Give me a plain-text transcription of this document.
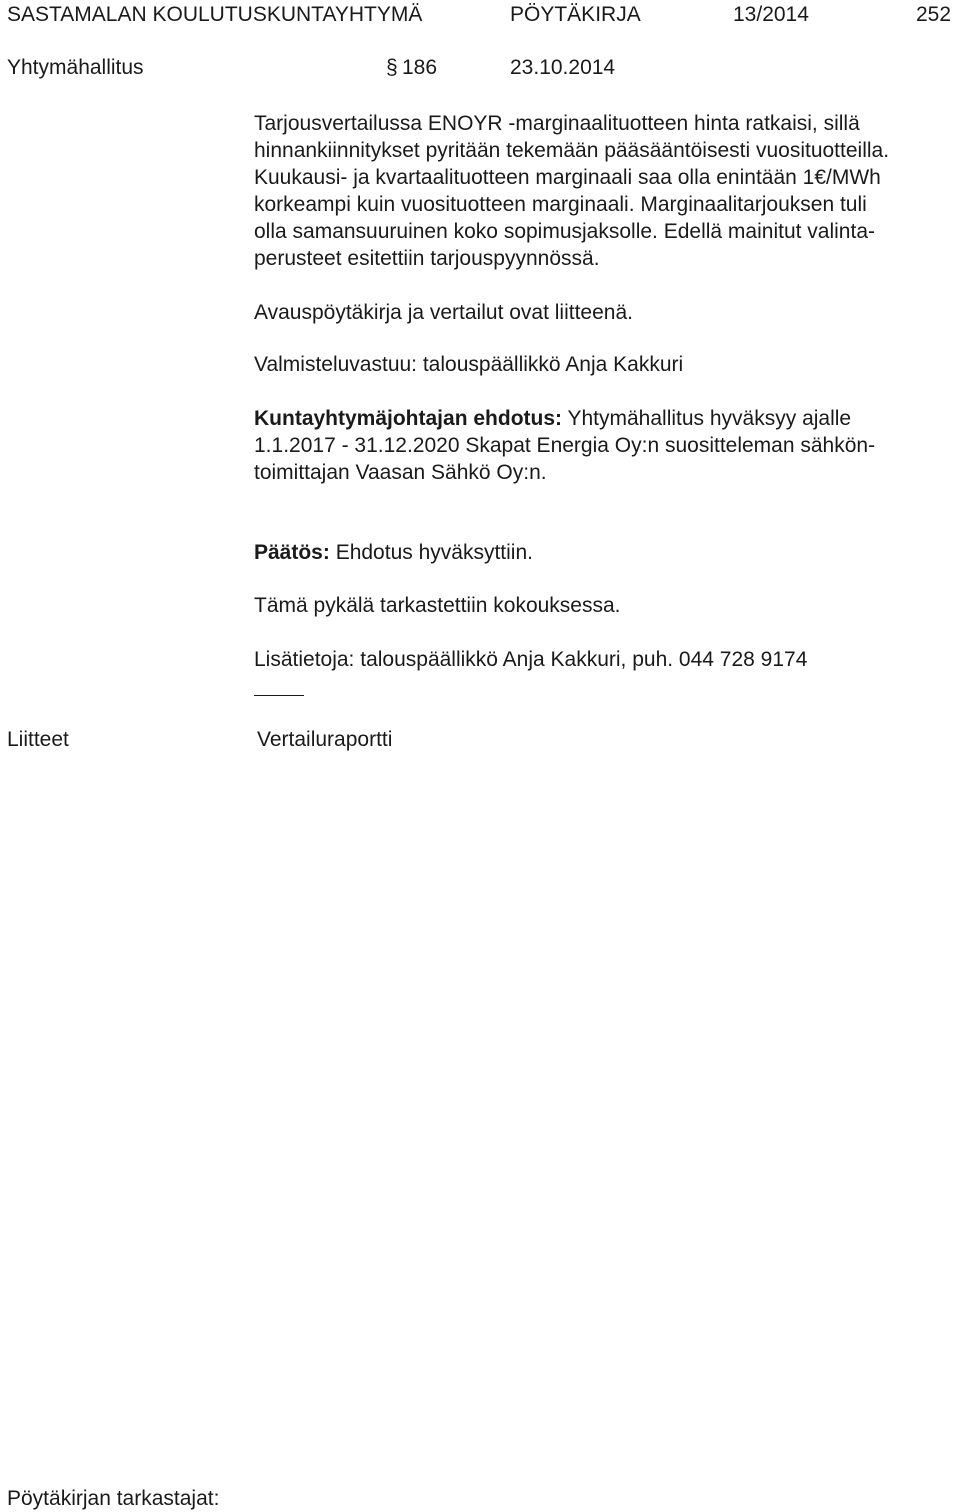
SASTAMALAN KOULUTUSKUNTAYHTYMÄ	PÖYTÄKIRJA	13/2014	252
Yhtymähallitus	§ 186	23.10.2014
Tarjousvertailussa ENOYR -marginaalituotteen hinta ratkaisi, sillä
hinnankiinnitykset pyritään tekemään pääsääntöisesti vuosituotteilla.
Kuukausi- ja kvartaalituotteen marginaali saa olla enintään 1€/MWh
korkeampi kuin vuosituotteen marginaali. Marginaalitarjouksen tuli
olla samansuuruinen koko sopimusjaksolle. Edellä mainitut valinta-
perusteet esitettiin tarjouspyynnössä.
Avauspöytäkirja ja vertailut ovat liitteenä.
Valmisteluvastuu: talouspäällikkö Anja Kakkuri
Kuntayhtymäjohtajan ehdotus: Yhtymähallitus hyväksyy ajalle
1.1.2017 - 31.12.2020 Skapat Energia Oy:n suositteleman sähkön-
toimittajan Vaasan Sähkö Oy:n.
Päätös: Ehdotus hyväksyttiin.
Tämä pykälä tarkastettiin kokouksessa.
Lisätietoja: talouspäällikkö Anja Kakkuri, puh. 044 728 9174
Liitteet	Vertailuraportti
Pöytäkirjan tarkastajat:
